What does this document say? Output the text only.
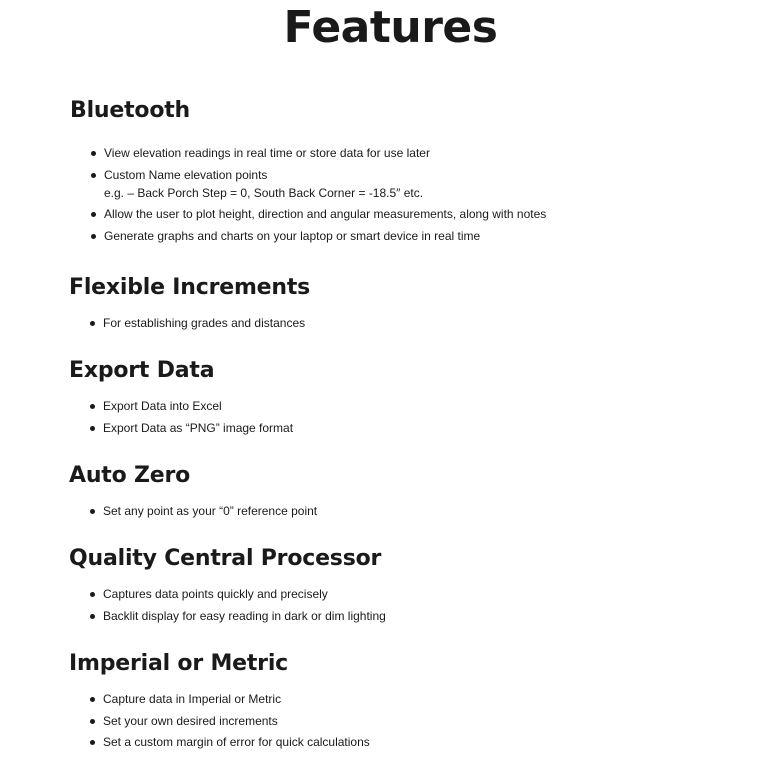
Features
Bluetooth
View elevation readings in real time or store data for use later
Custom Name elevation points
e.g. – Back Porch Step = 0, South Back Corner = -18.5″ etc.
Allow the user to plot height, direction and angular measurements, along with notes
Generate graphs and charts on your laptop or smart device in real time
Flexible Increments
For establishing grades and distances
Export Data
Export Data into Excel
Export Data as “PNG” image format
Auto Zero
Set any point as your “0” reference point
Quality Central Processor
Captures data points quickly and precisely
Backlit display for easy reading in dark or dim lighting
Imperial or Metric
Capture data in Imperial or Metric
Set your own desired increments
Set a custom margin of error for quick calculations
